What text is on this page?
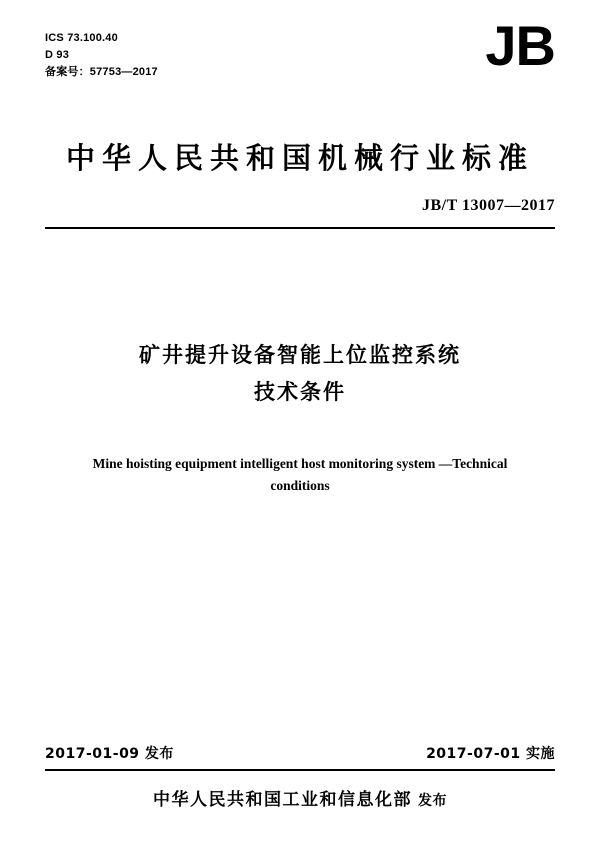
ICS 73.100.40
D 93
备案号：57753—2017	JB
中华人民共和国机械行业标准
JB/T 13007—2017
矿井提升设备智能上位监控系统
技术条件
Mine hoisting equipment intelligent host monitoring system —Technical conditions
2017-01-09 发布	2017-07-01 实施
中华人民共和国工业和信息化部 发布
